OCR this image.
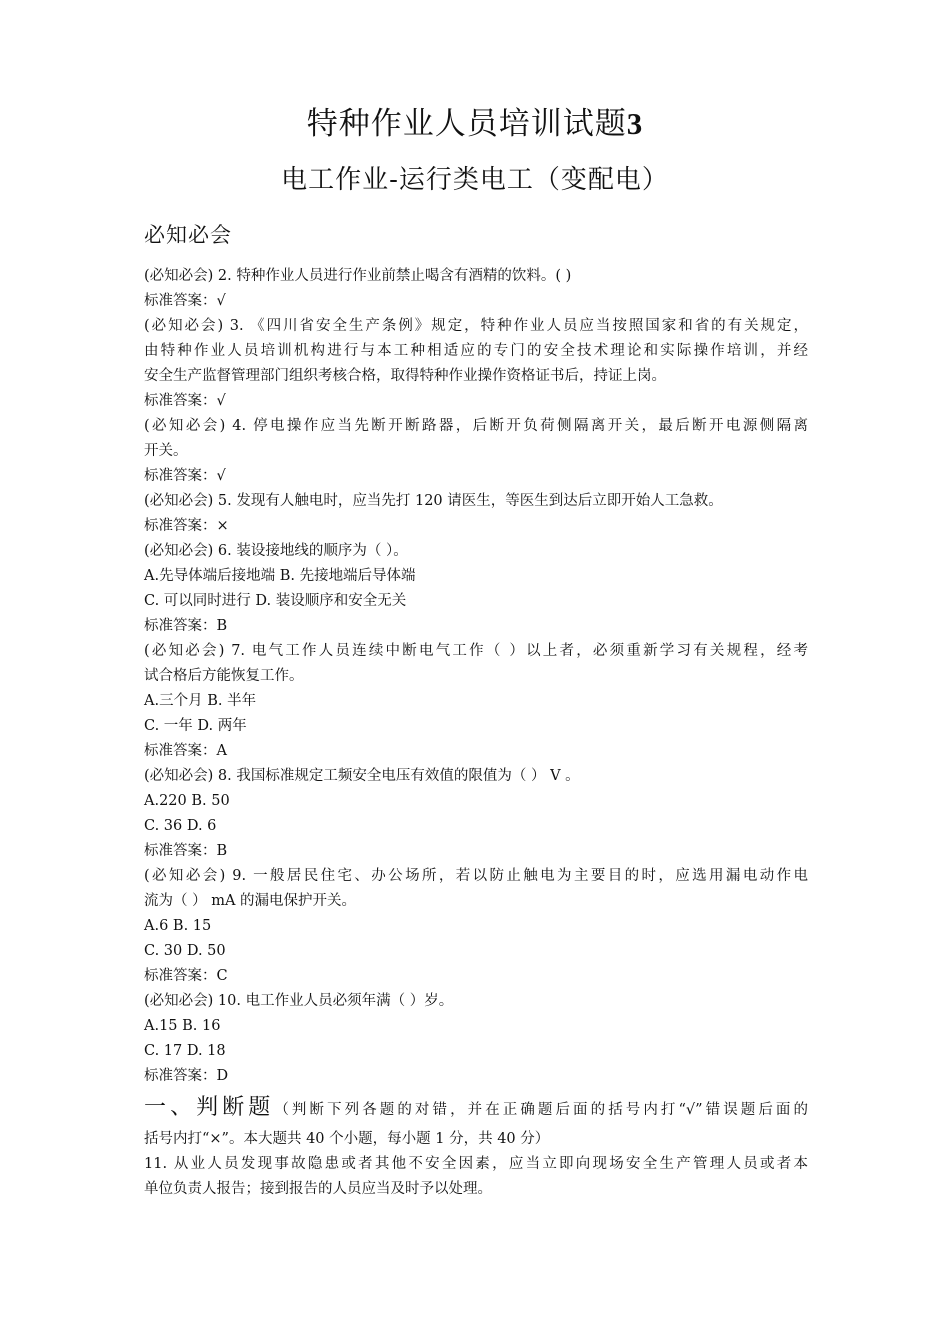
特种作业人员培训试题3
电工作业-运行类电工（变配电）
必知必会
(必知必会) 2. 特种作业人员进行作业前禁止喝含有酒精的饮料。( )
标准答案：√
(必知必会) 3. 《四川省安全生产条例》规定，特种作业人员应当按照国家和省的有关规定，
由特种作业人员培训机构进行与本工种相适应的专门的安全技术理论和实际操作培训，并经
安全生产监督管理部门组织考核合格，取得特种作业操作资格证书后，持证上岗。
标准答案：√
(必知必会) 4. 停电操作应当先断开断路器，后断开负荷侧隔离开关，最后断开电源侧隔离
开关。
标准答案：√
(必知必会) 5. 发现有人触电时，应当先打 120 请医生，等医生到达后立即开始人工急救。
标准答案：×
(必知必会) 6. 装设接地线的顺序为（ ）。
A.先导体端后接地端 B. 先接地端后导体端
C. 可以同时进行 D. 装设顺序和安全无关
标准答案：B
(必知必会) 7. 电气工作人员连续中断电气工作（ ）以上者，必须重新学习有关规程，经考
试合格后方能恢复工作。
A.三个月 B. 半年
C. 一年 D. 两年
标准答案：A
(必知必会) 8. 我国标准规定工频安全电压有效值的限值为（ ） V 。
A.220 B. 50
C. 36 D. 6
标准答案：B
(必知必会) 9. 一般居民住宅、办公场所，若以防止触电为主要目的时，应选用漏电动作电
流为（ ） mA 的漏电保护开关。
A.6 B. 15
C. 30 D. 50
标准答案：C
(必知必会) 10. 电工作业人员必须年满（ ）岁。
A.15 B. 16
C. 17 D. 18
标准答案：D
一、判断题（判断下列各题的对错，并在正确题后面的括号内打“√”错误题后面的
括号内打“×”。本大题共 40 个小题，每小题 1 分，共 40 分）
11. 从业人员发现事故隐患或者其他不安全因素，应当立即向现场安全生产管理人员或者本
单位负责人报告；接到报告的人员应当及时予以处理。
